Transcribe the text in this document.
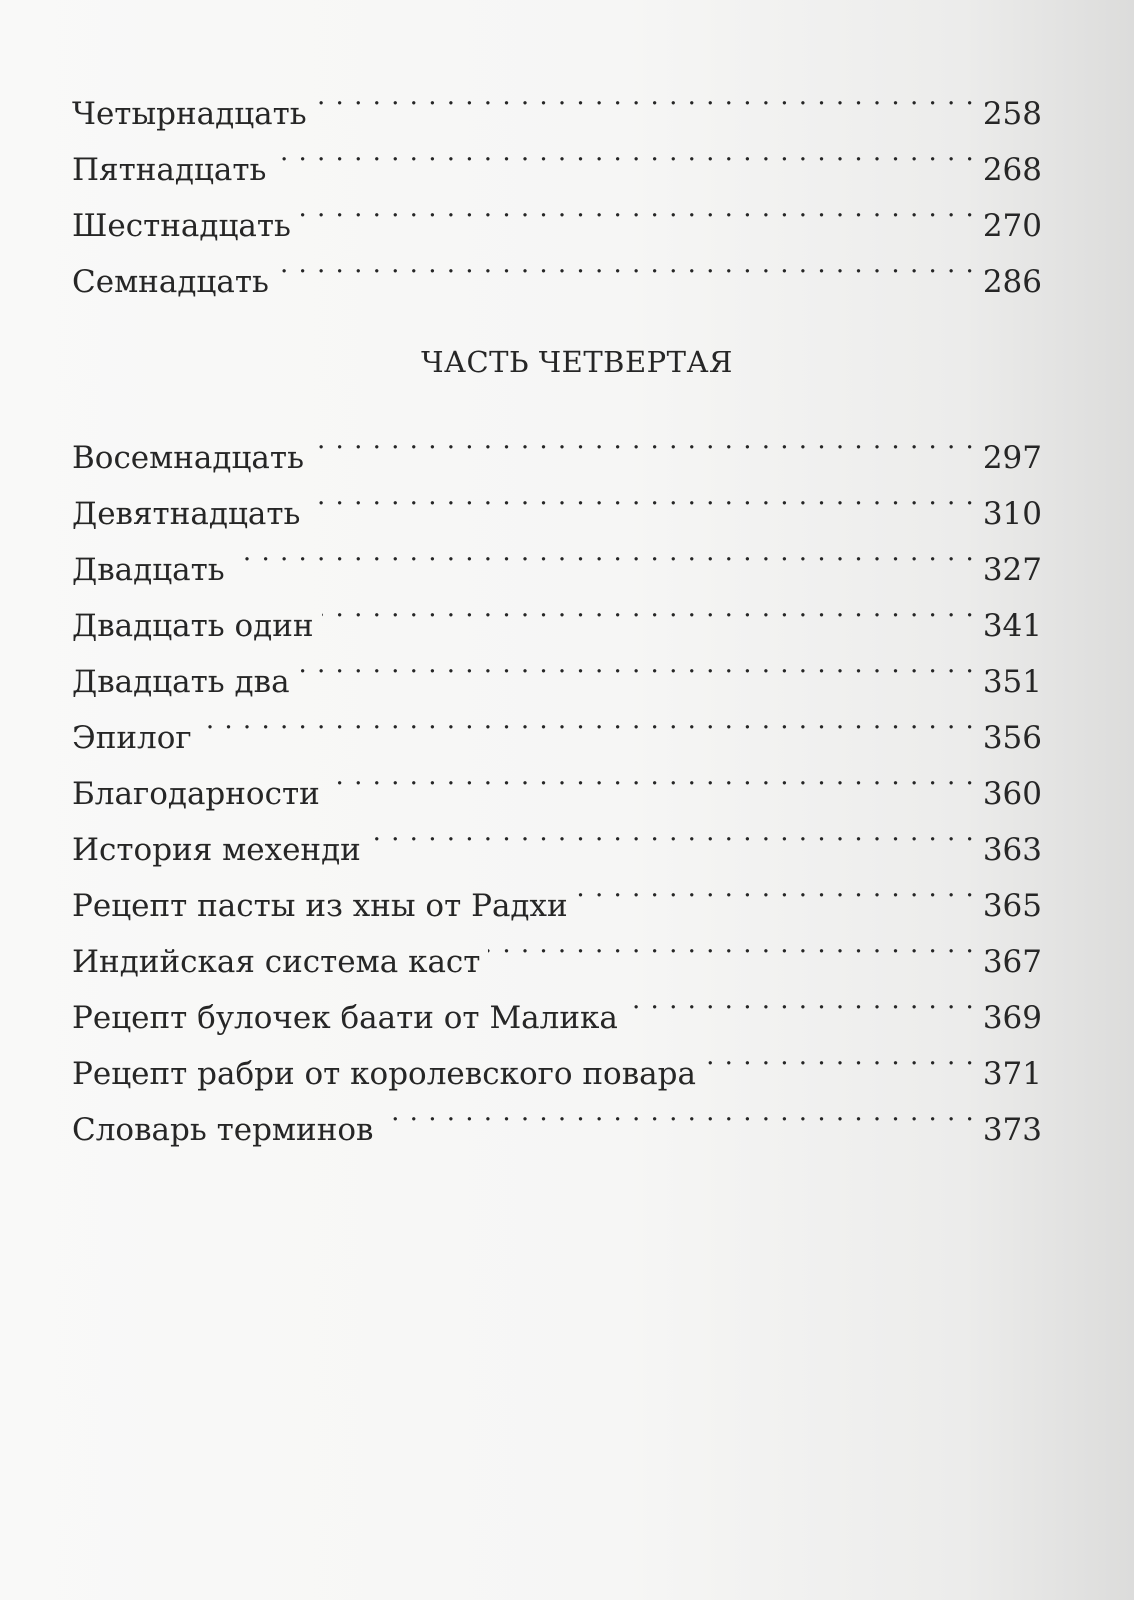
Четырнадцать . . .	258
Пятнадцать . . .	268
Шестнадцать . . .	270
Семнадцать . . .	286
ЧАСТЬ ЧЕТВЕРТАЯ
Восемнадцать . . .	297
Девятнадцать . . .	310
Двадцать . . .	327
Двадцать один . . .	341
Двадцать два . . .	351
Эпилог . . .	356
Благодарности . . .	360
История мехенди . . .	363
Рецепт пасты из хны от Радхи . . .	365
Индийская система каст . . .	367
Рецепт булочек баати от Малика . . .	369
Рецепт рабри от королевского повара . . .	371
Словарь терминов . . .	373
